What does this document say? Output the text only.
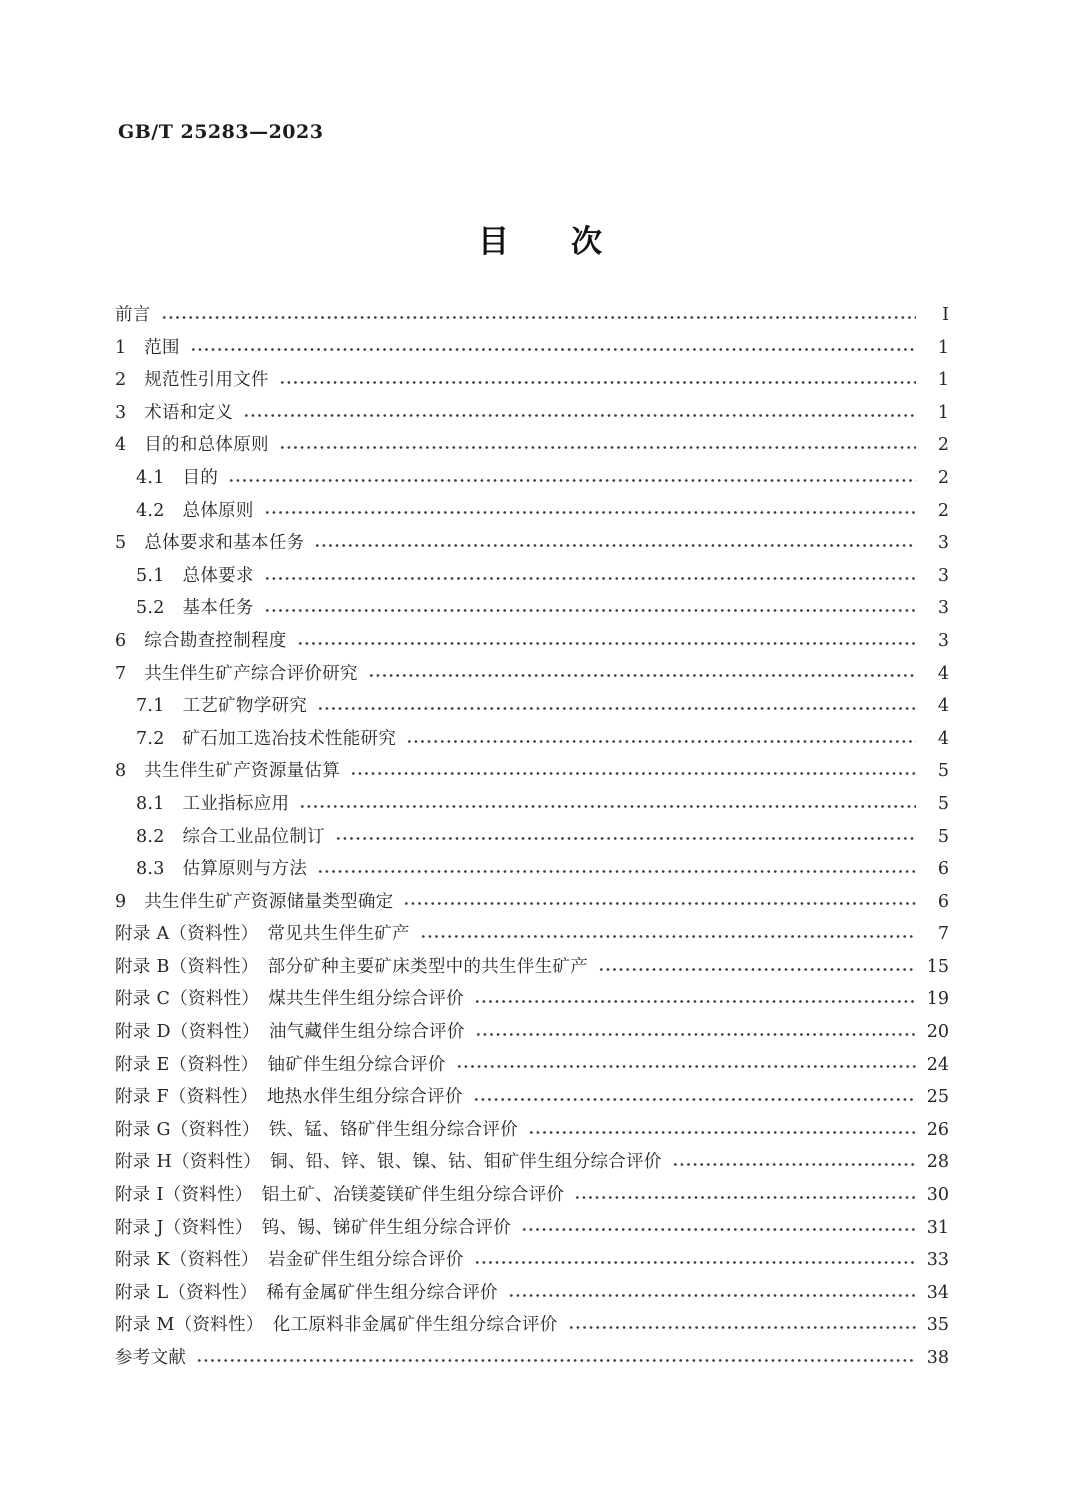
GB/T 25283—2023
目　　次
前言	I
1　范围	1
2　规范性引用文件	1
3　术语和定义	1
4　目的和总体原则	2
4.1　目的	2
4.2　总体原则	2
5　总体要求和基本任务	3
5.1　总体要求	3
5.2　基本任务	3
6　综合勘查控制程度	3
7　共生伴生矿产综合评价研究	4
7.1　工艺矿物学研究	4
7.2　矿石加工选冶技术性能研究	4
8　共生伴生矿产资源量估算	5
8.1　工业指标应用	5
8.2　综合工业品位制订	5
8.3　估算原则与方法	6
9　共生伴生矿产资源储量类型确定	6
附录 A（资料性）　常见共生伴生矿产	7
附录 B（资料性）　部分矿种主要矿床类型中的共生伴生矿产	15
附录 C（资料性）　煤共生伴生组分综合评价	19
附录 D（资料性）　油气藏伴生组分综合评价	20
附录 E（资料性）　铀矿伴生组分综合评价	24
附录 F（资料性）　地热水伴生组分综合评价	25
附录 G（资料性）　铁、锰、铬矿伴生组分综合评价	26
附录 H（资料性）　铜、铅、锌、银、镍、钴、钼矿伴生组分综合评价	28
附录 I（资料性）　铝土矿、冶镁菱镁矿伴生组分综合评价	30
附录 J（资料性）　钨、锡、锑矿伴生组分综合评价	31
附录 K（资料性）　岩金矿伴生组分综合评价	33
附录 L（资料性）　稀有金属矿伴生组分综合评价	34
附录 M（资料性）　化工原料非金属矿伴生组分综合评价	35
参考文献	38
